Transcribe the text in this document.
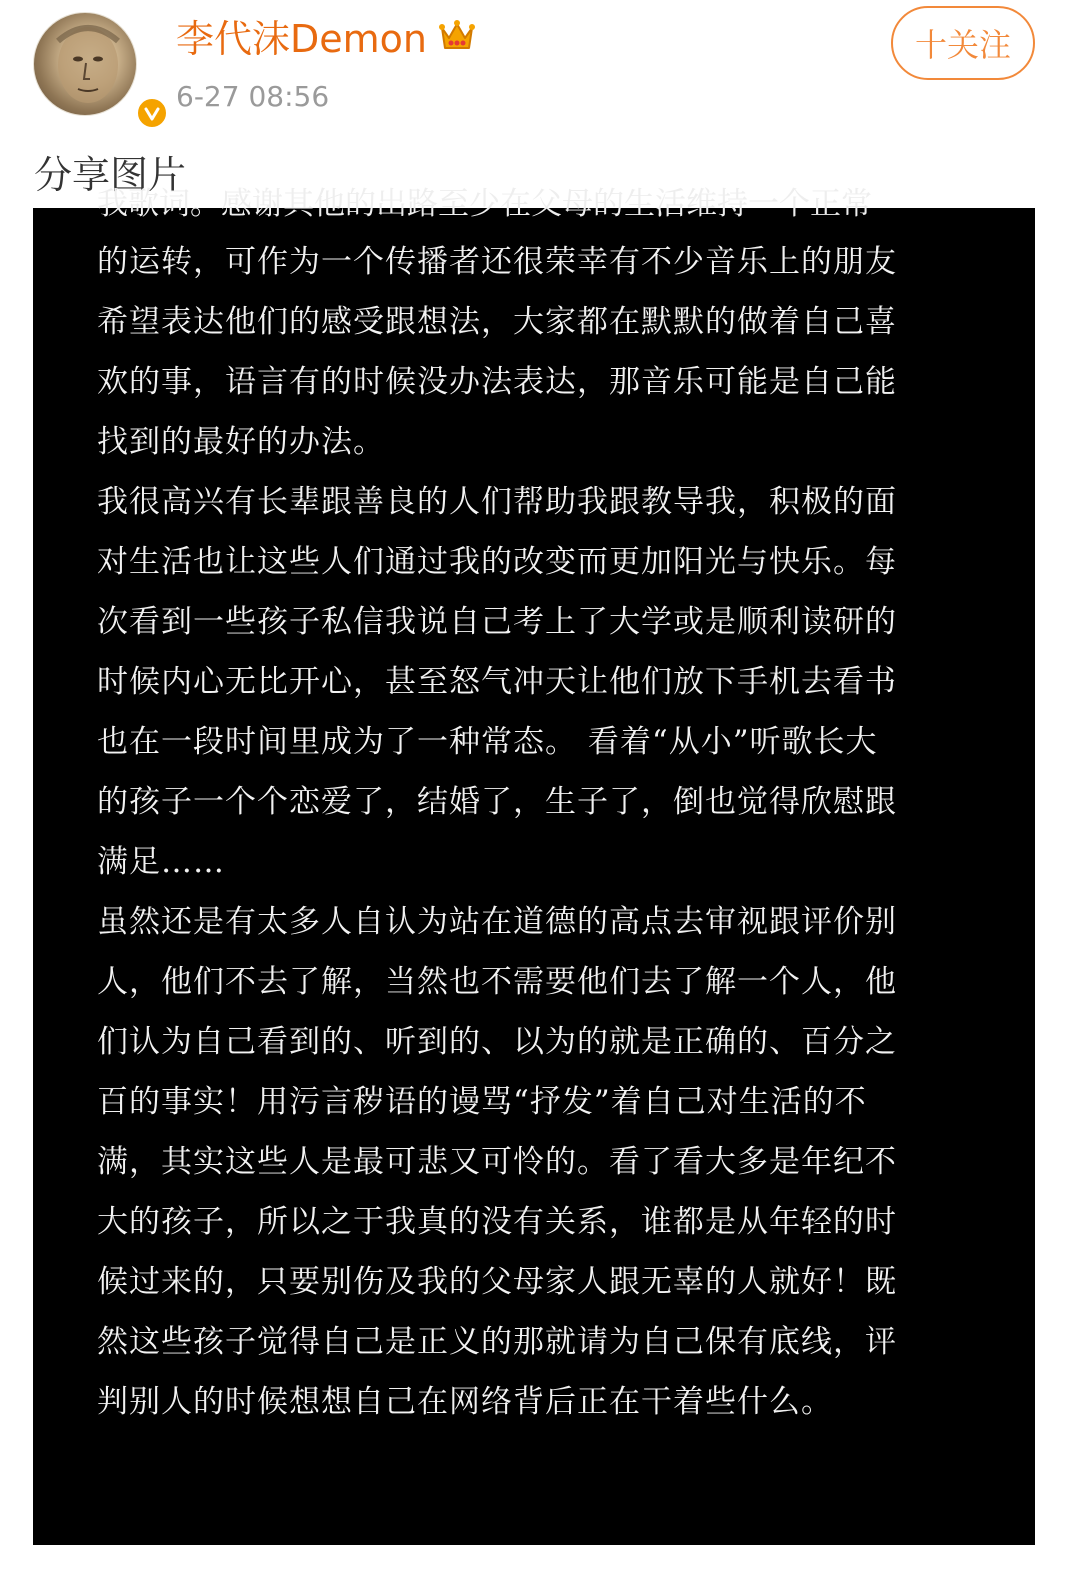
李代沫Demon
6-27 08:56
十关注
分享图片
我歌词。感谢其他的出路至少在父母的生活维持一个正常
的运转，可作为一个传播者还很荣幸有不少音乐上的朋友
希望表达他们的感受跟想法，大家都在默默的做着自己喜
欢的事，语言有的时候没办法表达，那音乐可能是自己能
找到的最好的办法。
我很高兴有长辈跟善良的人们帮助我跟教导我，积极的面
对生活也让这些人们通过我的改变而更加阳光与快乐。每
次看到一些孩子私信我说自己考上了大学或是顺利读研的
时候内心无比开心，甚至怒气冲天让他们放下手机去看书
也在一段时间里成为了一种常态。 看着“从小”听歌长大
的孩子一个个恋爱了，结婚了，生子了，倒也觉得欣慰跟
满足……
虽然还是有太多人自认为站在道德的高点去审视跟评价别
人，他们不去了解，当然也不需要他们去了解一个人，他
们认为自己看到的、听到的、以为的就是正确的、百分之
百的事实！用污言秽语的谩骂“抒发”着自己对生活的不
满，其实这些人是最可悲又可怜的。看了看大多是年纪不
大的孩子，所以之于我真的没有关系，谁都是从年轻的时
候过来的，只要别伤及我的父母家人跟无辜的人就好！既
然这些孩子觉得自己是正义的那就请为自己保有底线，评
判别人的时候想想自己在网络背后正在干着些什么。
